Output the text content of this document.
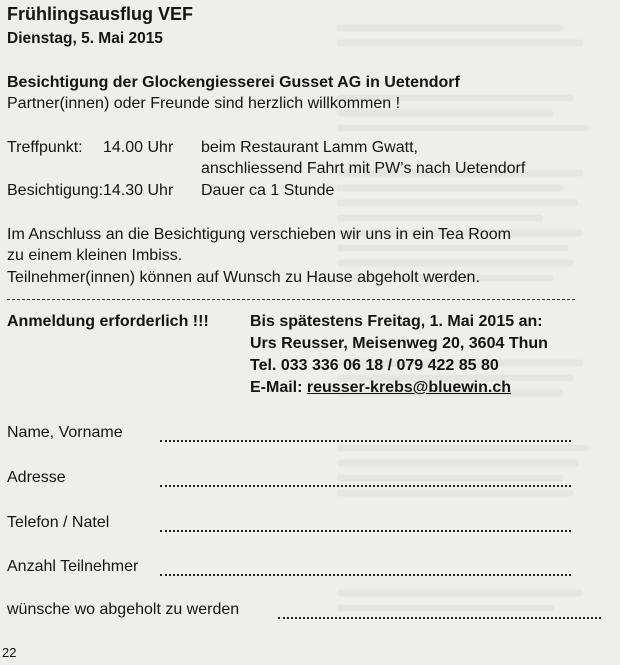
Frühlingsausflug VEF
Dienstag, 5. Mai 2015
Besichtigung der Glockengiesserei Gusset AG in Uetendorf
Partner(innen) oder Freunde sind herzlich willkommen !
Treffpunkt: 14.00 Uhr beim Restaurant Lamm Gwatt,
anschliessend Fahrt mit PW’s nach Uetendorf
Besichtigung: 14.30 Uhr Dauer ca 1 Stunde
Im Anschluss an die Besichtigung verschieben wir uns in ein Tea Room
zu einem kleinen Imbiss.
Teilnehmer(innen) können auf Wunsch zu Hause abgeholt werden.
Anmeldung erforderlich !!!	Bis spätestens Freitag, 1. Mai 2015 an:
Urs Reusser, Meisenweg 20, 3604 Thun
Tel. 033 336 06 18 / 079 422 85 80
E-Mail: reusser-krebs@bluewin.ch
Name, Vorname
Adresse
Telefon / Natel
Anzahl Teilnehmer
wünsche wo abgeholt zu werden
22
